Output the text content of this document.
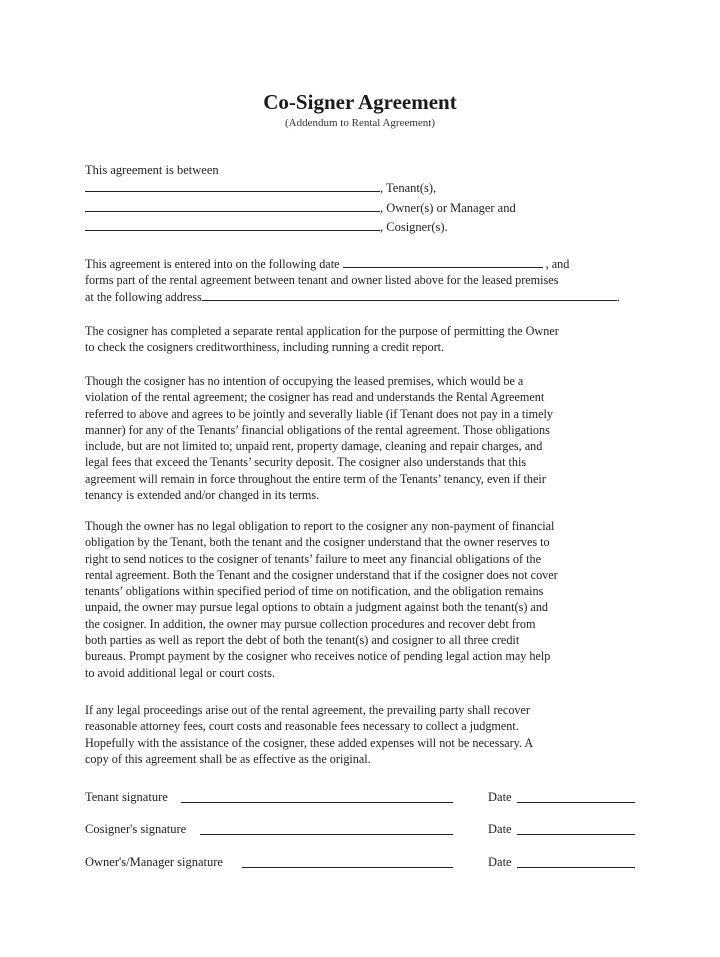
Co-Signer Agreement
(Addendum to Rental Agreement)
This agreement is between
, Tenant(s),
, Owner(s) or Manager and
, Cosigner(s).
This agreement is entered into on the following date	, and
forms part of the rental agreement between tenant and owner listed above for the leased premises
at the following address	.
The cosigner has completed a separate rental application for the purpose of permitting the Owner
to check the cosigners creditworthiness, including running a credit report.
Though the cosigner has no intention of occupying the leased premises, which would be a
violation of the rental agreement; the cosigner has read and understands the Rental Agreement
referred to above and agrees to be jointly and severally liable (if Tenant does not pay in a timely
manner) for any of the Tenants’ financial obligations of the rental agreement. Those obligations
include, but are not limited to; unpaid rent, property damage, cleaning and repair charges, and
legal fees that exceed the Tenants’ security deposit. The cosigner also understands that this
agreement will remain in force throughout the entire term of the Tenants’ tenancy, even if their
tenancy is extended and/or changed in its terms.
Though the owner has no legal obligation to report to the cosigner any non-payment of financial
obligation by the Tenant, both the tenant and the cosigner understand that the owner reserves to
right to send notices to the cosigner of tenants’ failure to meet any financial obligations of the
rental agreement. Both the Tenant and the cosigner understand that if the cosigner does not cover
tenants’ obligations within specified period of time on notification, and the obligation remains
unpaid, the owner may pursue legal options to obtain a judgment against both the tenant(s) and
the cosigner. In addition, the owner may pursue collection procedures and recover debt from
both parties as well as report the debt of both the tenant(s) and cosigner to all three credit
bureaus. Prompt payment by the cosigner who receives notice of pending legal action may help
to avoid additional legal or court costs.
If any legal proceedings arise out of the rental agreement, the prevailing party shall recover
reasonable attorney fees, court costs and reasonable fees necessary to collect a judgment.
Hopefully with the assistance of the cosigner, these added expenses will not be necessary. A
copy of this agreement shall be as effective as the original.
Tenant signature	Date
Cosigner's signature	Date
Owner's/Manager signature	Date
